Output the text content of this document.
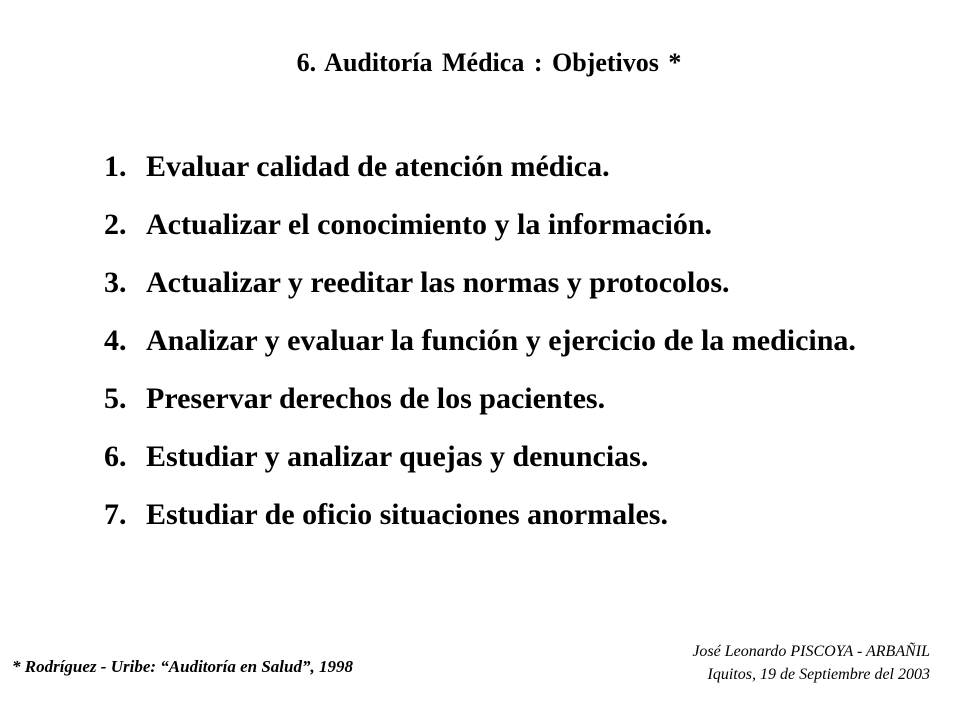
6. Auditoría Médica : Objetivos *
1. Evaluar calidad de atención médica.
2. Actualizar el conocimiento y la información.
3. Actualizar y reeditar las normas y protocolos.
4. Analizar y evaluar la función y ejercicio de la medicina.
5. Preservar derechos de los pacientes.
6. Estudiar y analizar quejas y denuncias.
7. Estudiar de oficio situaciones anormales.

* Rodríguez - Uribe: “Auditoría en Salud”, 1998

José Leonardo PISCOYA - ARBAÑIL
Iquitos, 19 de Septiembre del 2003
